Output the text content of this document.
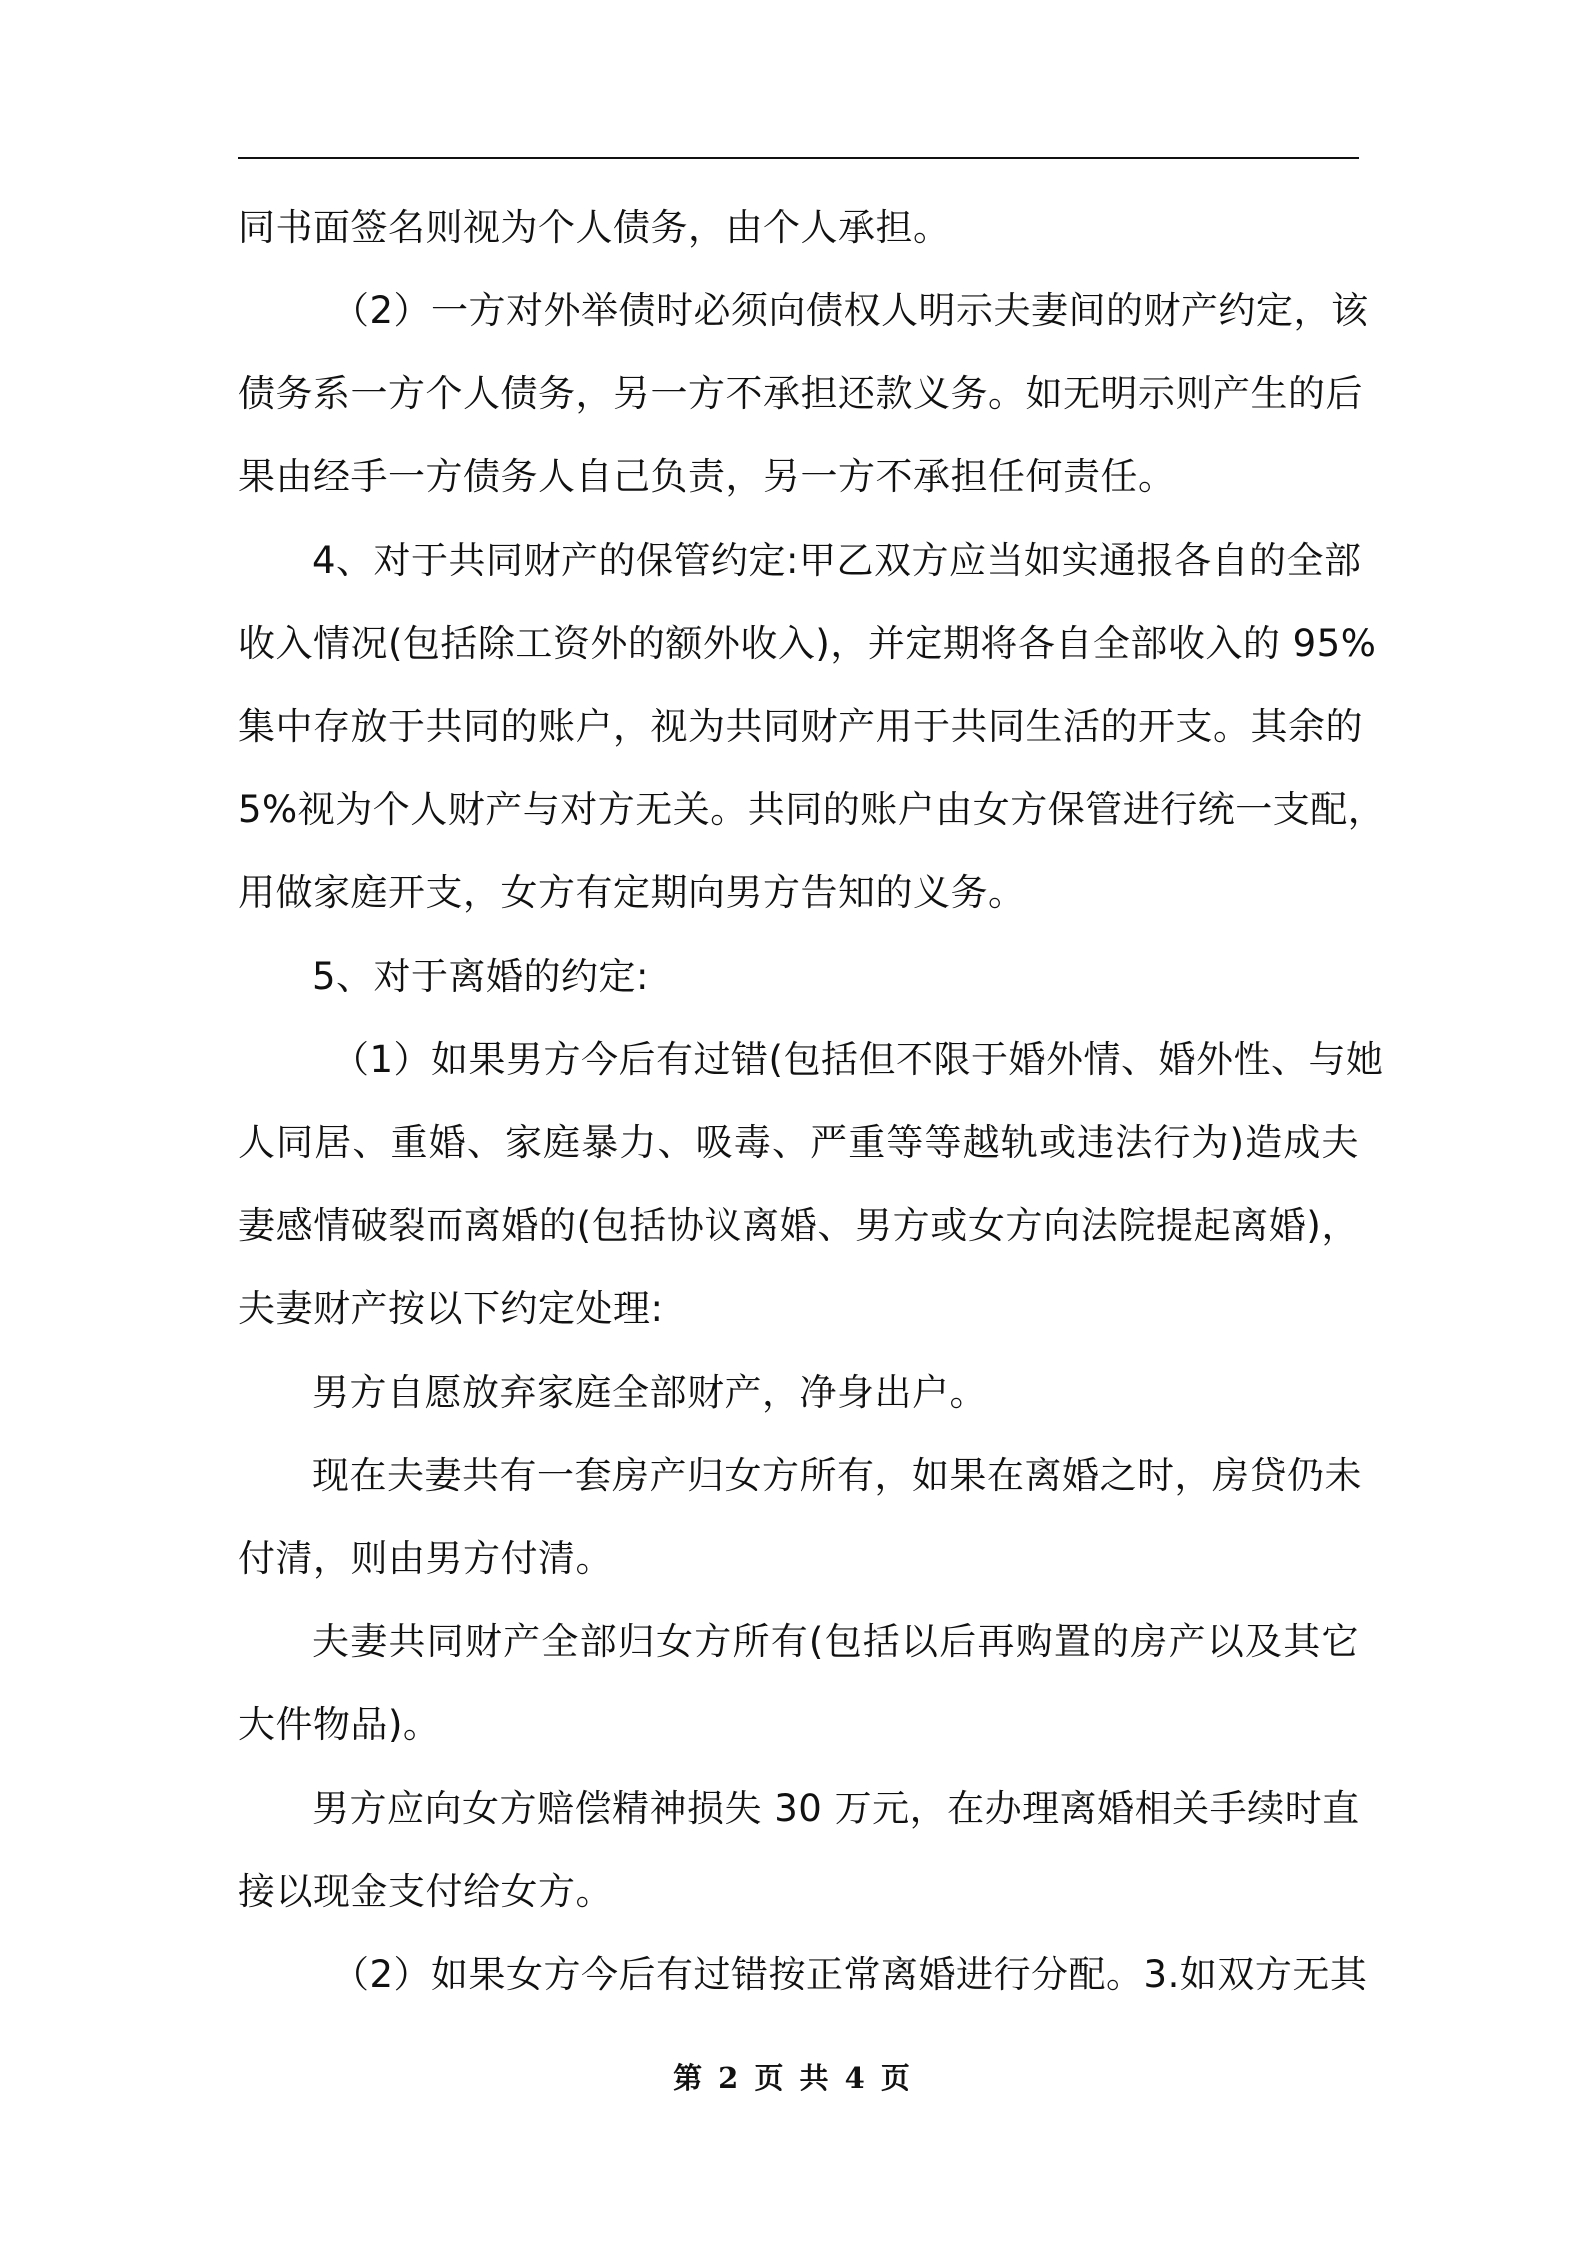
同书面签名则视为个人债务，由个人承担。
（2）一方对外举债时必须向债权人明示夫妻间的财产约定，该
债务系一方个人债务，另一方不承担还款义务。如无明示则产生的后
果由经手一方债务人自己负责，另一方不承担任何责任。
4、对于共同财产的保管约定:甲乙双方应当如实通报各自的全部
收入情况(包括除工资外的额外收入)，并定期将各自全部收入的 95%
集中存放于共同的账户，视为共同财产用于共同生活的开支。其余的
5%视为个人财产与对方无关。共同的账户由女方保管进行统一支配，
用做家庭开支，女方有定期向男方告知的义务。
5、对于离婚的约定:
（1）如果男方今后有过错(包括但不限于婚外情、婚外性、与她
人同居、重婚、家庭暴力、吸毒、严重等等越轨或违法行为)造成夫
妻感情破裂而离婚的(包括协议离婚、男方或女方向法院提起离婚)，
夫妻财产按以下约定处理:
男方自愿放弃家庭全部财产，净身出户。
现在夫妻共有一套房产归女方所有，如果在离婚之时，房贷仍未
付清，则由男方付清。
夫妻共同财产全部归女方所有(包括以后再购置的房产以及其它
大件物品)。
男方应向女方赔偿精神损失 30 万元，在办理离婚相关手续时直
接以现金支付给女方。
（2）如果女方今后有过错按正常离婚进行分配。3.如双方无其
第 2 页 共 4 页
